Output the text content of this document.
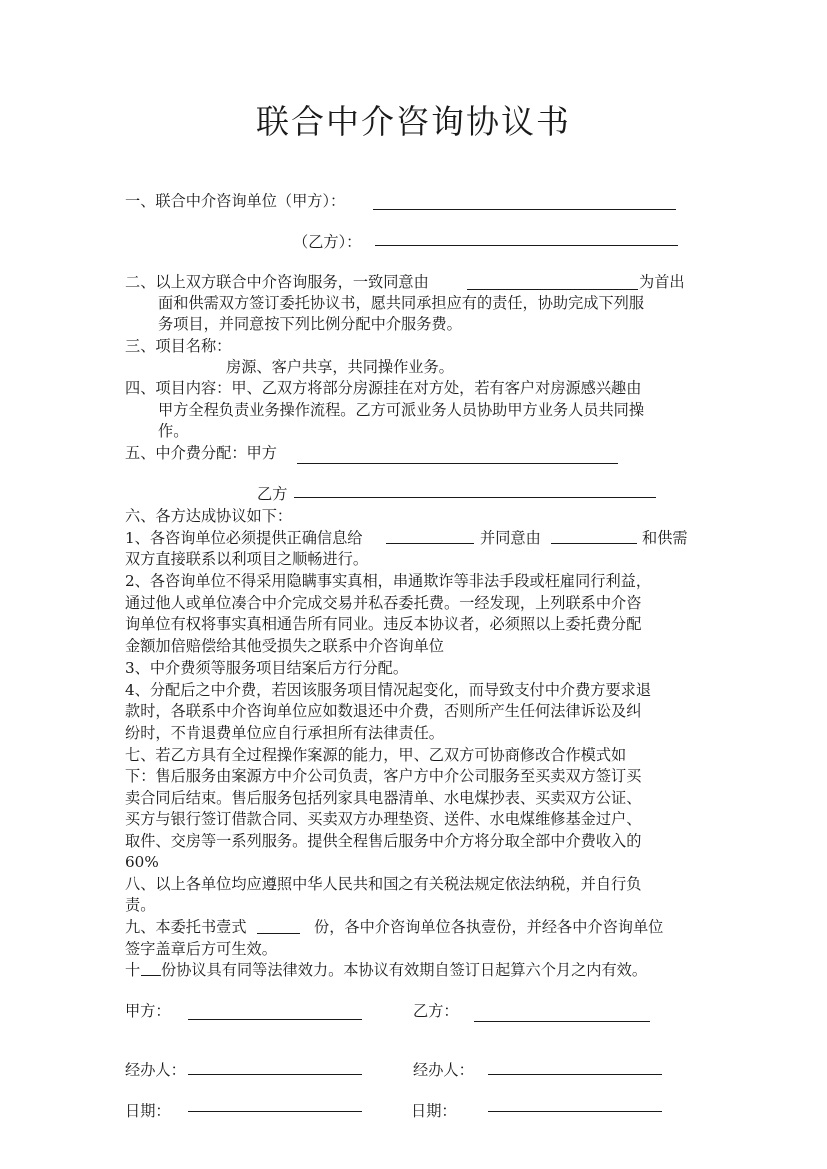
联合中介咨询协议书
一、联合中介咨询单位（甲方）：
（乙方）：
二、以上双方联合中介咨询服务，一致同意由	为首出
面和供需双方签订委托协议书，愿共同承担应有的责任，协助完成下列服
务项目，并同意按下列比例分配中介服务费。
三、项目名称：
房源、客户共享，共同操作业务。
四、项目内容：甲、乙双方将部分房源挂在对方处，若有客户对房源感兴趣由
甲方全程负责业务操作流程。乙方可派业务人员协助甲方业务人员共同操
作。
五、中介费分配：甲方
乙方
六、各方达成协议如下：
1、各咨询单位必须提供正确信息给	并同意由	和供需
双方直接联系以利项目之顺畅进行。
2、各咨询单位不得采用隐瞒事实真相，串通欺诈等非法手段或枉雇同行利益，
通过他人或单位凑合中介完成交易并私吞委托费。一经发现，上列联系中介咨
询单位有权将事实真相通告所有同业。违反本协议者，必须照以上委托费分配
金额加倍赔偿给其他受损失之联系中介咨询单位
3、中介费须等服务项目结案后方行分配。
4、分配后之中介费，若因该服务项目情况起变化，而导致支付中介费方要求退
款时，各联系中介咨询单位应如数退还中介费，否则所产生任何法律诉讼及纠
纷时，不肯退费单位应自行承担所有法律责任。
七、若乙方具有全过程操作案源的能力，甲、乙双方可协商修改合作模式如
下：售后服务由案源方中介公司负责，客户方中介公司服务至买卖双方签订买
卖合同后结束。售后服务包括列家具电器清单、水电煤抄表、买卖双方公证、
买方与银行签订借款合同、买卖双方办理垫资、送件、水电煤维修基金过户、
取件、交房等一系列服务。提供全程售后服务中介方将分取全部中介费收入的
60%
八、以上各单位均应遵照中华人民共和国之有关税法规定依法纳税，并自行负
责。
九、本委托书壹式	份，各中介咨询单位各执壹份，并经各中介咨询单位
签字盖章后方可生效。
十 份协议具有同等法律效力。本协议有效期自签订日起算六个月之内有效。
甲方：	乙方：
经办人：	经办人：
日期：	日期：
